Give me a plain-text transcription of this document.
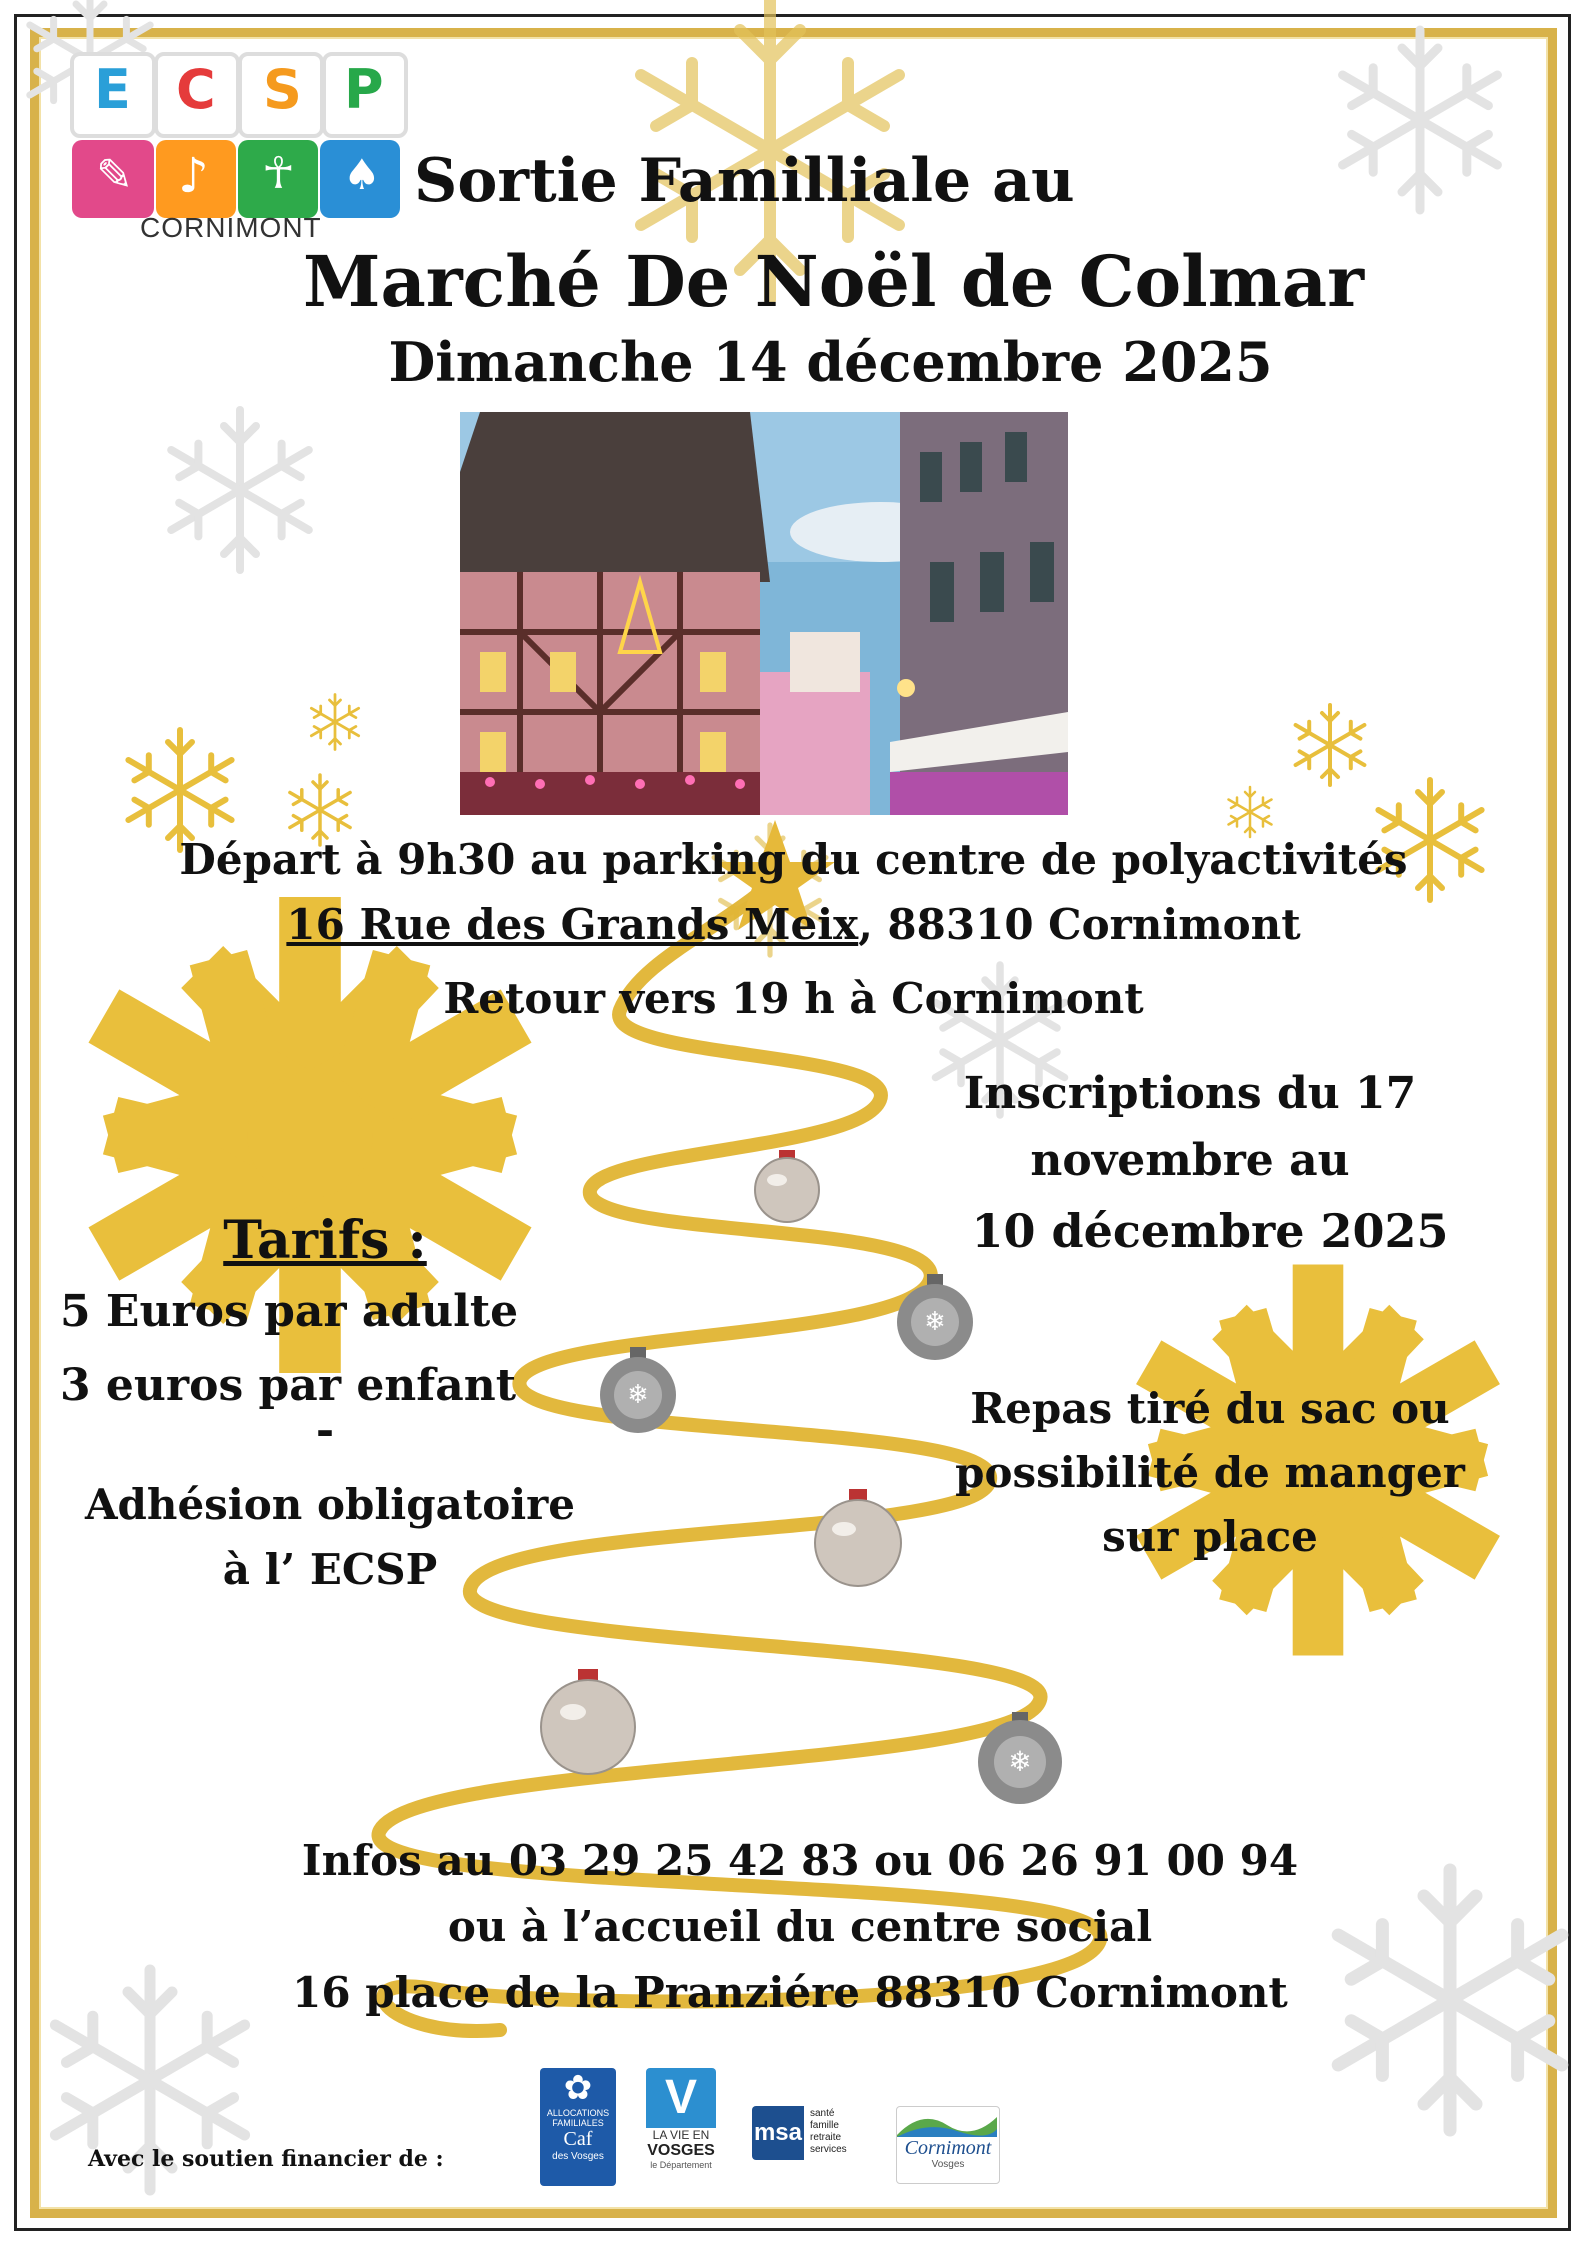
❄
❄
❄
E C S P
✎ ♪ ☥ ♠
CORNIMONT
Sortie Familliale au
Marché De Noël de Colmar
Dimanche 14 décembre 2025
Départ à 9h30 au parking du centre de polyactivités
16 Rue des Grands Meix, 88310 Cornimont
Retour vers 19 h à Cornimont
Inscriptions du 17
novembre au
10 décembre 2025
Tarifs :
5 Euros par adulte
3 euros par enfant
-
Adhésion obligatoire
à l’ ECSP
Repas tiré du sac ou
possibilité de manger
sur place
Infos au 03 29 25 42 83 ou 06 26 91 00 94
ou à l’accueil du centre social
16 place de la Pranziére 88310 Cornimont
Avec le soutien financier de :
✿
ALLOCATIONS FAMILIALES
Caf
des Vosges
V
LA VIE EN
VOSGES
le Département
msa
santé
famille
retraite
services	Cornimont
Vosges
